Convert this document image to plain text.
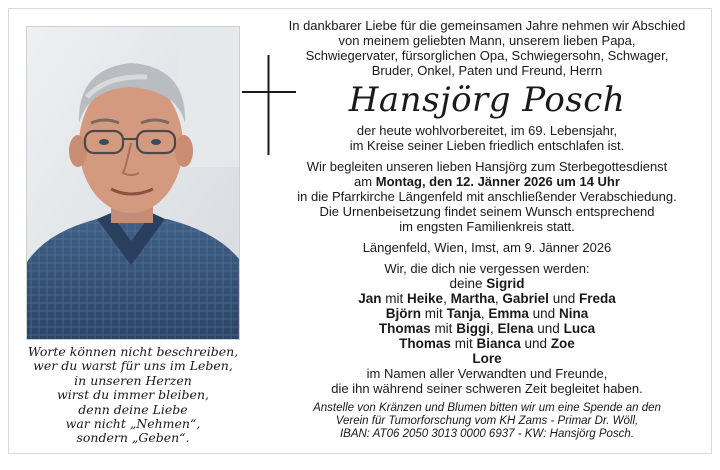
Worte können nicht beschreiben,
wer du warst für uns im Leben,
in unseren Herzen
wirst du immer bleiben,
denn deine Liebe
war nicht „Nehmen“,
sondern „Geben“.
In dankbarer Liebe für die gemeinsamen Jahre nehmen wir Abschied
von meinem geliebten Mann, unserem lieben Papa,
Schwiegervater, fürsorglichen Opa, Schwiegersohn, Schwager,
Bruder, Onkel, Paten und Freund, Herrn
Hansjörg Posch
der heute wohlvorbereitet, im 69. Lebensjahr,
im Kreise seiner Lieben friedlich entschlafen ist.
Wir begleiten unseren lieben Hansjörg zum Sterbegottesdienst
am Montag, den 12. Jänner 2026 um 14 Uhr
in die Pfarrkirche Längenfeld mit anschließender Verabschiedung.
Die Urnenbeisetzung findet seinem Wunsch entsprechend
im engsten Familienkreis statt.
Längenfeld, Wien, Imst, am 9. Jänner 2026
Wir, die dich nie vergessen werden:
deine Sigrid
Jan mit Heike, Martha, Gabriel und Freda
Björn mit Tanja, Emma und Nina
Thomas mit Biggi, Elena und Luca
Thomas mit Bianca und Zoe
Lore
im Namen aller Verwandten und Freunde,
die ihn während seiner schweren Zeit begleitet haben.
Anstelle von Kränzen und Blumen bitten wir um eine Spende an den
Verein für Tumorforschung vom KH Zams - Primar Dr. Wöll,
IBAN: AT06 2050 3013 0000 6937 - KW: Hansjörg Posch.
